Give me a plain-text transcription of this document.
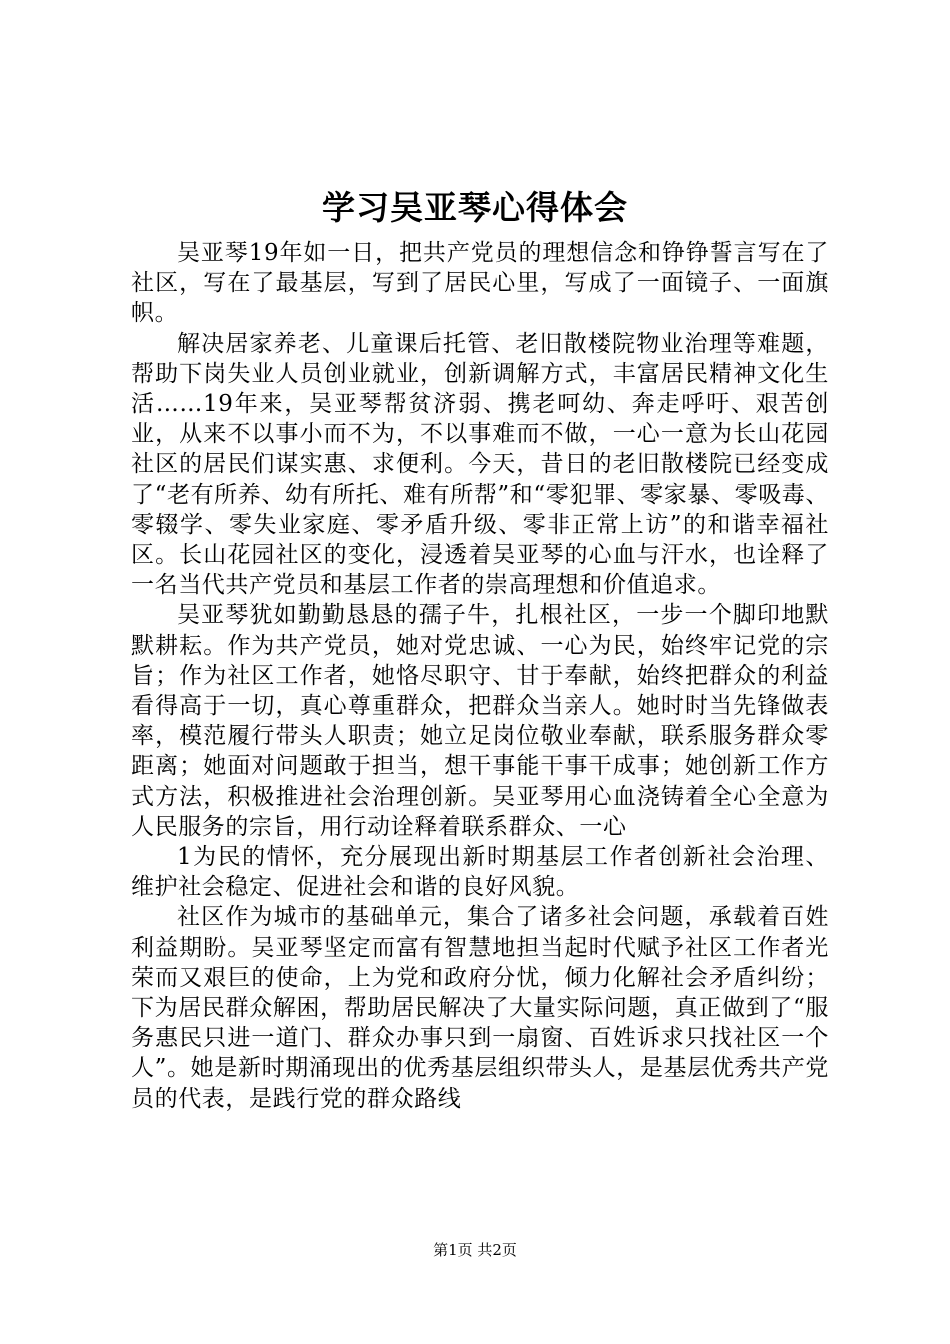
学习吴亚琴心得体会

吴亚琴19年如一日，把共产党员的理想信念和铮铮誓言写在了社区，写在了最基层，写到了居民心里，写成了一面镜子、一面旗帜。

解决居家养老、儿童课后托管、老旧散楼院物业治理等难题，帮助下岗失业人员创业就业，创新调解方式，丰富居民精神文化生活……19年来，吴亚琴帮贫济弱、携老呵幼、奔走呼吁、艰苦创业，从来不以事小而不为，不以事难而不做，一心一意为长山花园社区的居民们谋实惠、求便利。今天，昔日的老旧散楼院已经变成了“老有所养、幼有所托、难有所帮”和“零犯罪、零家暴、零吸毒、零辍学、零失业家庭、零矛盾升级、零非正常上访”的和谐幸福社区。长山花园社区的变化，浸透着吴亚琴的心血与汗水，也诠释了一名当代共产党员和基层工作者的崇高理想和价值追求。

吴亚琴犹如勤勤恳恳的孺子牛，扎根社区，一步一个脚印地默默耕耘。作为共产党员，她对党忠诚、一心为民，始终牢记党的宗旨；作为社区工作者，她恪尽职守、甘于奉献，始终把群众的利益看得高于一切，真心尊重群众，把群众当亲人。她时时当先锋做表率，模范履行带头人职责；她立足岗位敬业奉献，联系服务群众零距离；她面对问题敢于担当，想干事能干事干成事；她创新工作方式方法，积极推进社会治理创新。吴亚琴用心血浇铸着全心全意为人民服务的宗旨，用行动诠释着联系群众、一心

1为民的情怀，充分展现出新时期基层工作者创新社会治理、维护社会稳定、促进社会和谐的良好风貌。

社区作为城市的基础单元，集合了诸多社会问题，承载着百姓利益期盼。吴亚琴坚定而富有智慧地担当起时代赋予社区工作者光荣而又艰巨的使命，上为党和政府分忧，倾力化解社会矛盾纠纷；下为居民群众解困，帮助居民解决了大量实际问题，真正做到了“服务惠民只进一道门、群众办事只到一扇窗、百姓诉求只找社区一个人”。她是新时期涌现出的优秀基层组织带头人，是基层优秀共产党员的代表，是践行党的群众路线

第1页 共2页
